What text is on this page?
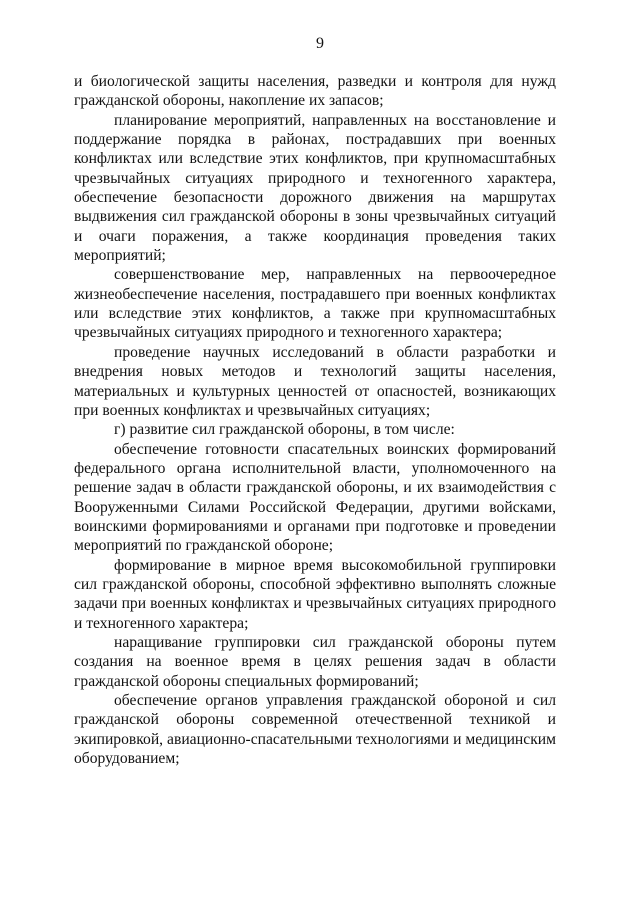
9

и биологической защиты населения, разведки и контроля для нужд гражданской обороны, накопление их запасов;

планирование мероприятий, направленных на восстановление и поддержание порядка в районах, пострадавших при военных конфликтах или вследствие этих конфликтов, при крупномасштабных чрезвычайных ситуациях природного и техногенного характера, обеспечение безопасности дорожного движения на маршрутах выдвижения сил гражданской обороны в зоны чрезвычайных ситуаций и очаги поражения, а также координация проведения таких мероприятий;

совершенствование мер, направленных на первоочередное жизнеобеспечение населения, пострадавшего при военных конфликтах или вследствие этих конфликтов, а также при крупномасштабных чрезвычайных ситуациях природного и техногенного характера;

проведение научных исследований в области разработки и внедрения новых методов и технологий защиты населения, материальных и культурных ценностей от опасностей, возникающих при военных конфликтах и чрезвычайных ситуациях;

г) развитие сил гражданской обороны, в том числе:

обеспечение готовности спасательных воинских формирований федерального органа исполнительной власти, уполномоченного на решение задач в области гражданской обороны, и их взаимодействия с Вооруженными Силами Российской Федерации, другими войсками, воинскими формированиями и органами при подготовке и проведении мероприятий по гражданской обороне;

формирование в мирное время высокомобильной группировки сил гражданской обороны, способной эффективно выполнять сложные задачи при военных конфликтах и чрезвычайных ситуациях природного и техногенного характера;

наращивание группировки сил гражданской обороны путем создания на военное время в целях решения задач в области гражданской обороны специальных формирований;

обеспечение органов управления гражданской обороной и сил гражданской обороны современной отечественной техникой и экипировкой, авиационно-спасательными технологиями и медицинским оборудованием;
